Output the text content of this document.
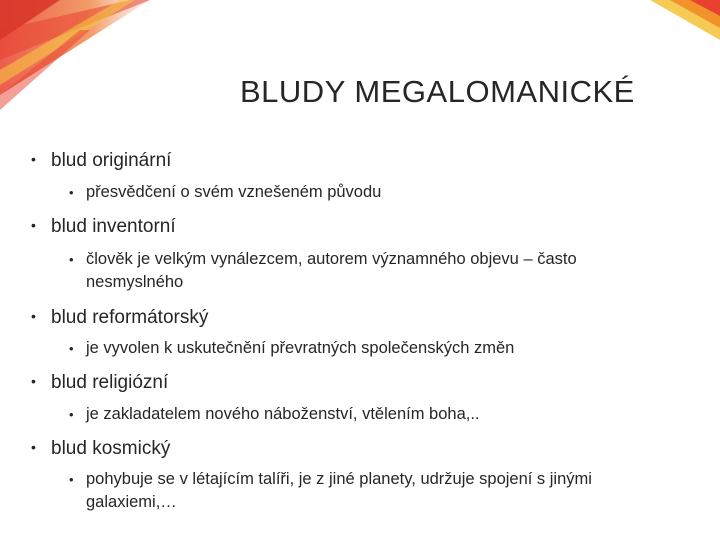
BLUDY MEGALOMANICKÉ
• blud originární
• přesvědčení o svém vznešeném původu
• blud inventorní
• člověk je velkým vynálezcem, autorem významného objevu – často nesmyslného
• blud reformátorský
• je vyvolen k uskutečnění převratných společenských změn
• blud religiózní
• je zakladatelem nového náboženství, vtělením boha,..
• blud kosmický
• pohybuje se v létajícím talíři, je z jiné planety, udržuje spojení s jinými galaxiemi,…
